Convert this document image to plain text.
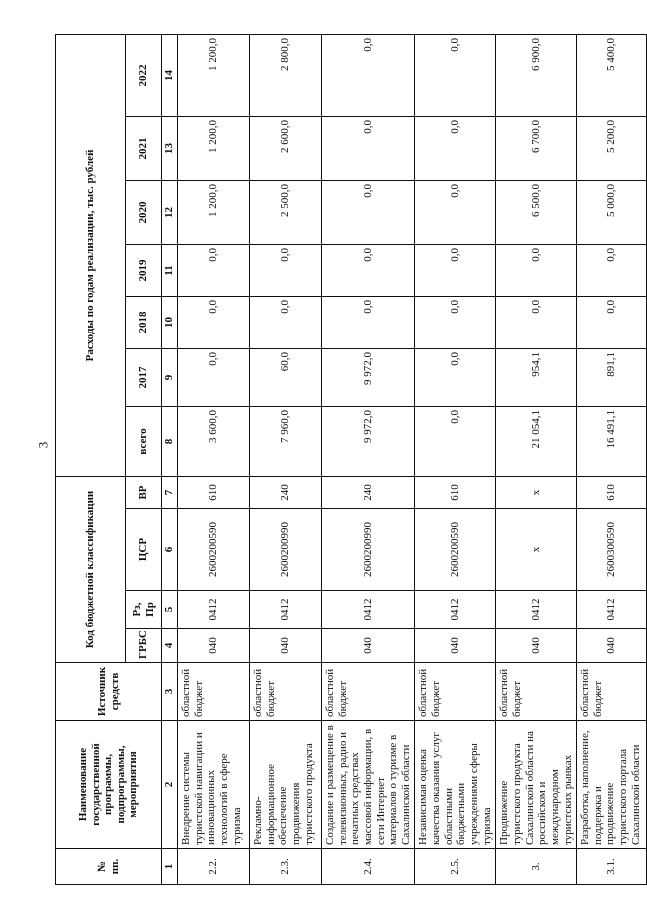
3
№ пп.	Наименование государственной программы, подпрограммы, мероприятия	Источник средств	Код бюджетной классификации				Расходы по годам реализации, тыс. рублей						
			ГРБС	Рз, Пр	ЦСР	ВР	всего	2017	2018	2019	2020	2021	2022
1	2	3	4	5	6	7	8	9	10	11	12	13	14
2.2.	Внедрение системы туристской навигации и инновационных технологий в сфере туризма	областной бюджет	040	0412	2600200590	610	3 600,0	0,0	0,0	0,0	1 200,0	1 200,0	1 200,0
2.3.	Рекламно-информационное обеспечение продвижения туристского продукта	областной бюджет	040	0412	2600200990	240	7 960,0	60,0	0,0	0,0	2 500,0	2 600,0	2 800,0
2.4.	Создание и размещение в телевизионных, радио и печатных средствах массовой информации, в сети Интернет материалов о туризме в Сахалинской области	областной бюджет	040	0412	2600200990	240	9 972,0	9 972,0	0,0	0,0	0,0	0,0	0,0
2.5.	Независимая оценка качества оказания услуг областными бюджетными учреждениями сферы туризма	областной бюджет	040	0412	2600200590	610	0,0	0,0	0,0	0,0	0,0	0,0	0,0
3.	Продвижение туристского продукта Сахалинской области на российском и международном туристских рынках	областной бюджет	040	0412	x	x	21 054,1	954,1	0,0	0,0	6 500,0	6 700,0	6 900,0
3.1.	Разработка, наполнение, поддержка и продвижение туристского портала Сахалинской области	областной бюджет	040	0412	2600300590	610	16 491,1	891,1	0,0	0,0	5 000,0	5 200,0	5 400,0
